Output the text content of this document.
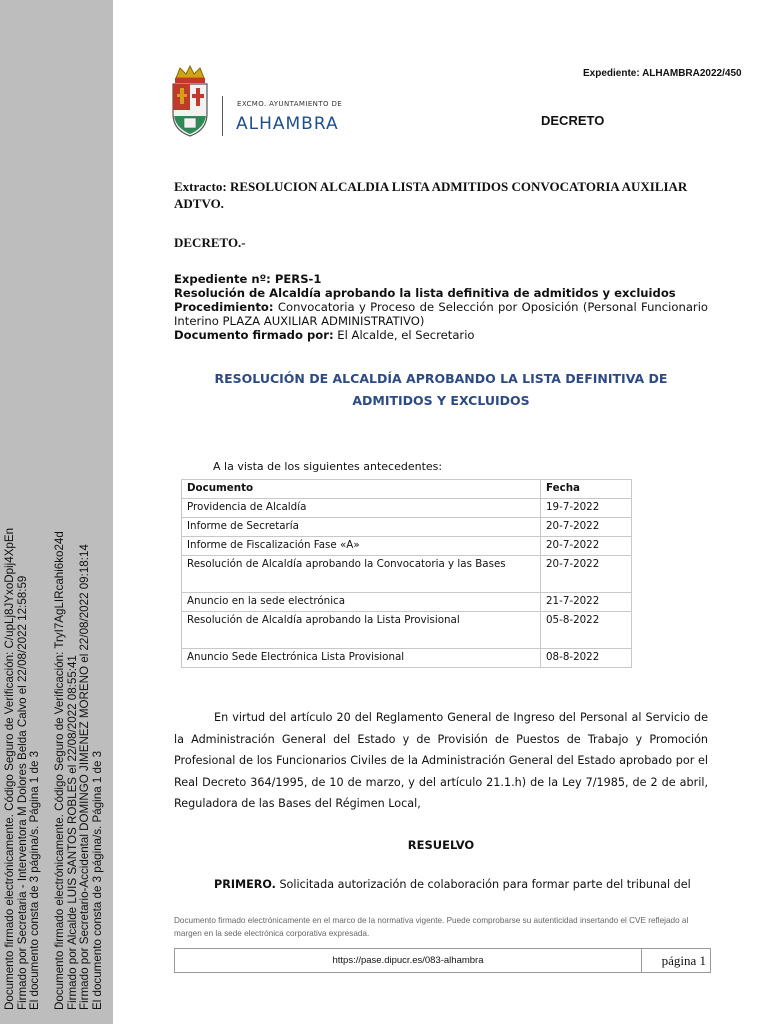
Documento firmado electrónicamente. Código Seguro de Verificación: C/upLj8JYxoDpij4XpEn Firmado por Secretaria - Interventora M Dolores Belda Calvo el 22/08/2022 12:58:59 El documento consta de 3 página/s. Página 1 de 3 Documento firmado electrónicamente. Código Seguro de Verificación: TryI7AgLIRcahi6ko24d Firmado por Alcalde LUIS SANTOS ROBLES el 22/08/2022 08:55:41 Firmado por Secretario-Accidental DOMINGO JIMENEZ MORENO el 22/08/2022 09:18:14 El documento consta de 3 página/s. Página 1 de 3
Expediente: ALHAMBRA2022/450
EXCMO. AYUNTAMIENTO DE
ALHAMBRA	DECRETO
Extracto: RESOLUCION ALCALDIA LISTA ADMITIDOS CONVOCATORIA AUXILIAR ADTVO.
DECRETO.-
Expediente nº: PERS-1
Resolución de Alcaldía aprobando la lista definitiva de admitidos y excluidos
Procedimiento: Convocatoria y Proceso de Selección por Oposición (Personal Funcionario Interino PLAZA AUXILIAR ADMINISTRATIVO)
Documento firmado por: El Alcalde, el Secretario
RESOLUCIÓN DE ALCALDÍA APROBANDO LA LISTA DEFINITIVA DE ADMITIDOS Y EXCLUIDOS
A la vista de los siguientes antecedentes:
Documento	Fecha
Providencia de Alcaldía	19-7-2022
Informe de Secretaría	20-7-2022
Informe de Fiscalización Fase «A»	20-7-2022
Resolución de Alcaldía aprobando la Convocatoria y las Bases	20-7-2022
Anuncio en la sede electrónica	21-7-2022
Resolución de Alcaldía aprobando la Lista Provisional	05-8-2022
Anuncio Sede Electrónica Lista Provisional	08-8-2022
En virtud del artículo 20 del Reglamento General de Ingreso del Personal al Servicio de la Administración General del Estado y de Provisión de Puestos de Trabajo y Promoción Profesional de los Funcionarios Civiles de la Administración General del Estado aprobado por el Real Decreto 364/1995, de 10 de marzo, y del artículo 21.1.h) de la Ley 7/1985, de 2 de abril, Reguladora de las Bases del Régimen Local,
RESUELVO
PRIMERO. Solicitada autorización de colaboración para formar parte del tribunal del
Documento firmado electrónicamente en el marco de la normativa vigente. Puede comprobarse su autenticidad insertando el CVE reflejado al margen en la sede electrónica corporativa expresada.
https://pase.dipucr.es/083-alhambra	página 1
